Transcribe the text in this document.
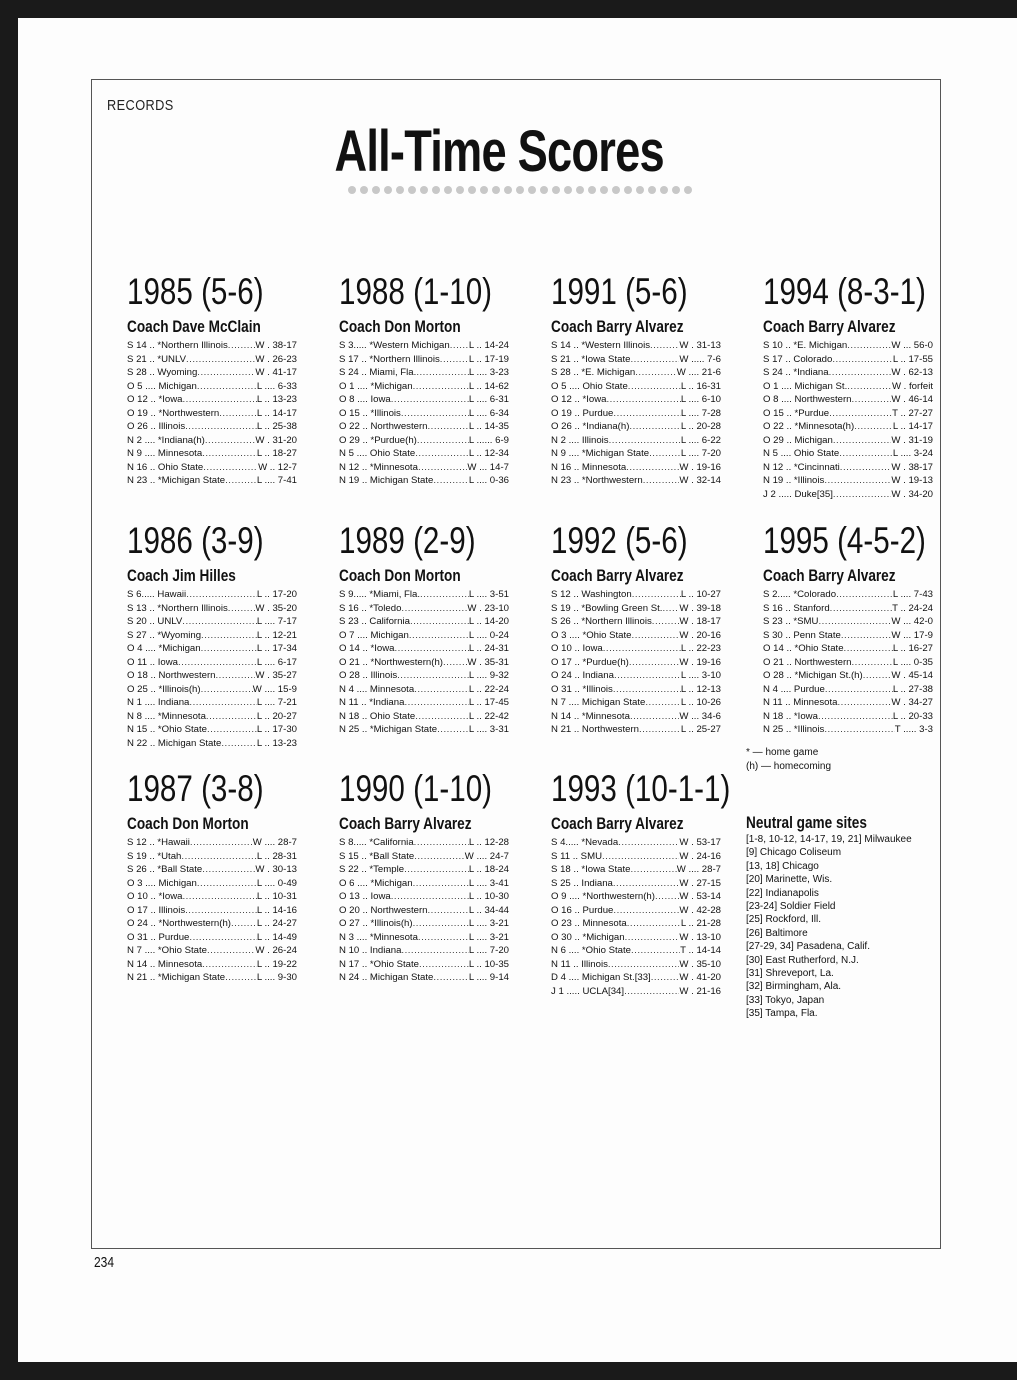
RECORDS
All-Time Scores
1985 (5-6)
Coach Dave McClain
S 14 .. *Northern Illinois .....	W . 38-17
S 21 .. *UNLV .....	W . 26-23
S 28 .. Wyoming .....	W . 41-17
O 5 .... Michigan .....	L .... 6-33
O 12 .. *Iowa .....	L .. 13-23
O 19 .. *Northwestern .....	L .. 14-17
O 26 .. Illinois .....	L .. 25-38
N 2 .... *Indiana(h) .....	W . 31-20
N 9 .... Minnesota .....	L .. 18-27
N 16 .. Ohio State .....	W .. 12-7
N 23 .. *Michigan State .....	L .... 7-41
1988 (1-10)
Coach Don Morton
S 3..... *Western Michigan ..... L .. 14-24
S 17 .. *Northern Illinois .....	L .. 17-19
S 24 .. Miami, Fla. .....	L .... 3-23
O 1 .... *Michigan .....	L .. 14-62
O 8 .... Iowa .....	L .... 6-31
O 15 .. *Illinois .....	L .... 6-34
O 22 .. Northwestern .....	L .. 14-35
O 29 .. *Purdue(h) .....	L ...... 6-9
N 5 .... Ohio State .....	L .. 12-34
N 12 .. *Minnesota .....	W ... 14-7
N 19 .. Michigan State .....	L .... 0-36
1991 (5-6)
Coach Barry Alvarez
S 14 .. *Western Illinois .....	W . 31-13
S 21 .. *Iowa State .....	W ..... 7-6
S 28 .. *E. Michigan .....	W .... 21-6
O 5 .... Ohio State .....	L .. 16-31
O 12 .. *Iowa .....	L .... 6-10
O 19 .. Purdue .....	L .... 7-28
O 26 .. *Indiana(h) .....	L .. 20-28
N 2 .... Illinois .....	L .... 6-22
N 9 .... *Michigan State .....	L .... 7-20
N 16 .. Minnesota .....	W . 19-16
N 23 .. *Northwestern .....	W . 32-14
1994 (8-3-1)
Coach Barry Alvarez
S 10 .. *E. Michigan .....	W ... 56-0
S 17 .. Colorado .....	L .. 17-55
S 24 .. *Indiana .....	W . 62-13
O 1 .... Michigan St. .....	W . forfeit
O 8 .... Northwestern .....	W . 46-14
O 15 .. *Purdue .....	T .. 27-27
O 22 .. *Minnesota(h) .....	L .. 14-17
O 29 .. Michigan .....	W . 31-19
N 5 .... Ohio State .....	L .... 3-24
N 12 .. *Cincinnati .....	W . 38-17
N 19 .. *Illinois .....	W . 19-13
J 2 ..... Duke[35] .....	W . 34-20
1986 (3-9)
Coach Jim Hilles
S 6..... Hawaii .....	L .. 17-20
S 13 .. *Northern Illinois .....	W . 35-20
S 20 .. UNLV .....	L .... 7-17
S 27 .. *Wyoming .....	L .. 12-21
O 4 .... *Michigan .....	L .. 17-34
O 11 .. Iowa .....	L .... 6-17
O 18 .. Northwestern .....	W . 35-27
O 25 .. *Illinois(h) .....	W .... 15-9
N 1 .... Indiana .....	L .... 7-21
N 8 .... *Minnesota .....	L .. 20-27
N 15 .. *Ohio State .....	L .. 17-30
N 22 .. Michigan State .....	L .. 13-23
1989 (2-9)
Coach Don Morton
S 9..... *Miami, Fla. .....	L .... 3-51
S 16 .. *Toledo .....	W . 23-10
S 23 .. California .....	L .. 14-20
O 7 .... Michigan .....	L .... 0-24
O 14 .. *Iowa .....	L .. 24-31
O 21 .. *Northwestern(h) .....	W . 35-31
O 28 .. Illinois .....	L .... 9-32
N 4 .... Minnesota .....	L .. 22-24
N 11 .. *Indiana .....	L .. 17-45
N 18 .. Ohio State .....	L .. 22-42
N 25 .. *Michigan State .....	L .... 3-31
1992 (5-6)
Coach Barry Alvarez
S 12 .. Washington .....	L .. 10-27
S 19 .. *Bowling Green St. ..... W . 39-18
S 26 .. *Northern Illinois .....	W . 18-17
O 3 .... *Ohio State .....	W . 20-16
O 10 .. Iowa .....	L .. 22-23
O 17 .. *Purdue(h) .....	W . 19-16
O 24 .. Indiana .....	L .... 3-10
O 31 .. *Illinois .....	L .. 12-13
N 7 .... Michigan State .....	L .. 10-26
N 14 .. *Minnesota .....	W ... 34-6
N 21 .. Northwestern .....	L .. 25-27
1995 (4-5-2)
Coach Barry Alvarez
S 2..... *Colorado .....	L .... 7-43
S 16 .. Stanford .....	T .. 24-24
S 23 .. *SMU .....	W ... 42-0
S 30 .. Penn State .....	W ... 17-9
O 14 .. *Ohio State .....	L .. 16-27
O 21 .. Northwestern .....	L .... 0-35
O 28 .. *Michigan St.(h) .....	W . 45-14
N 4 .... Purdue .....	L .. 27-38
N 11 .. Minnesota .....	W . 34-27
N 18 .. *Iowa .....	L .. 20-33
N 25 .. *Illinois .....	T ..... 3-3
1987 (3-8)
Coach Don Morton
S 12 .. *Hawaii .....	W .... 28-7
S 19 .. *Utah .....	L .. 28-31
S 26 .. *Ball State .....	W . 30-13
O 3 .... Michigan .....	L .... 0-49
O 10 .. *Iowa .....	L .. 10-31
O 17 .. Illinois .....	L .. 14-16
O 24 .. *Northwestern(h) .....	L .. 24-27
O 31 .. Purdue .....	L .. 14-49
N 7 .... *Ohio State .....	W . 26-24
N 14 .. Minnesota .....	L .. 19-22
N 21 .. *Michigan State .....	L .... 9-30
1990 (1-10)
Coach Barry Alvarez
S 8..... *California .....	L .. 12-28
S 15 .. *Ball State .....	W .... 24-7
S 22 .. *Temple .....	L .. 18-24
O 6 .... *Michigan .....	L .... 3-41
O 13 .. Iowa .....	L .. 10-30
O 20 .. Northwestern .....	L .. 34-44
O 27 .. *Illinois(h) .....	L .... 3-21
N 3 .... *Minnesota .....	L .... 3-21
N 10 .. Indiana .....	L .... 7-20
N 17 .. *Ohio State .....	L .. 10-35
N 24 .. Michigan State .....	L .... 9-14
1993 (10-1-1)
Coach Barry Alvarez
S 4..... *Nevada .....	W . 53-17
S 11 .. SMU .....	W . 24-16
S 18 .. *Iowa State .....	W .... 28-7
S 25 .. Indiana .....	W . 27-15
O 9 .... *Northwestern(h) .....	W . 53-14
O 16 .. Purdue .....	W . 42-28
O 23 .. Minnesota .....	L .. 21-28
O 30 .. *Michigan .....	W . 13-10
N 6 .... *Ohio State .....	T .. 14-14
N 11 .. Illinois .....	W . 35-10
D 4 .... Michigan St.[33] .....	W . 41-20
J 1 ..... UCLA[34] .....	W . 21-16
* — home game
(h) — homecoming
Neutral game sites
[1-8, 10-12, 14-17, 19, 21] Milwaukee
[9] Chicago Coliseum
[13, 18] Chicago
[20] Marinette, Wis.
[22] Indianapolis
[23-24] Soldier Field
[25] Rockford, Ill.
[26] Baltimore
[27-29, 34] Pasadena, Calif.
[30] East Rutherford, N.J.
[31] Shreveport, La.
[32] Birmingham, Ala.
[33] Tokyo, Japan
[35] Tampa, Fla.
234
